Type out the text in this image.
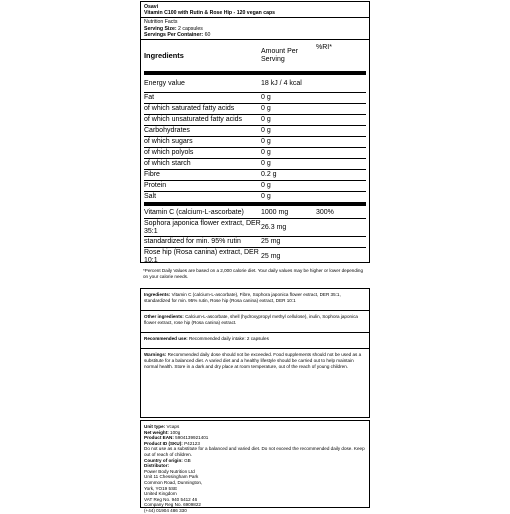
Osavi
Vitamin C100 with Rutin & Rose Hip - 120 vegan caps
Nutrition Facts
Serving Size: 2 capsules
Servings Per Container: 60
Ingredients	Amount Per Serving	%RI*
Energy value	18 kJ / 4 kcal	
Fat	0 g	
of which saturated fatty acids	0 g	
of which unsaturated fatty acids	0 g	
Carbohydrates	0 g	
of which sugars	0 g	
of which polyols	0 g	
of which starch	0 g	
Fibre	0.2 g	
Protein	0 g	
Salt	0 g	
Vitamin C (calcium-L-ascorbate)	1000 mg	300%
Sophora japonica flower extract, DER 35:1	26.3 mg	
standardized for min. 95% rutin	25 mg	
Rose hip (Rosa canina) extract, DER 10:1	25 mg	
*Percent Daily Values are based on a 2,000 calorie diet. Your daily values may be higher or lower depending on your calorie needs.
Ingredients: Vitamin C (calcium-L-ascorbate), Fibre, Sophora japonica flower extract, DER 35:1, standardized for min. 95% rutin, Rose hip (Rosa canina) extract, DER 10:1
Other ingredients: Calcium-L-ascorbate, shell (hydroxypropyl methyl cellulose), inulin, Sophora japonica flower extract, rose hip (Rosa canina) extract.
Recommended use: Recommended daily intake: 2 capsules
Warnings: Recommended daily dose should not be exceeded. Food supplements should not be used as a substitute for a balanced diet. A varied diet and a healthy lifestyle should be carried out to help maintain normal health. Store in a dark and dry place at room temperature, out of the reach of young children.
Unit type: Vcaps
Net weight: 100g
Product EAN: 5904139921401
Product ID (SKU): P42123
Do not use as a substitute for a balanced and varied diet. Do not exceed the recommended daily dose. Keep out of reach of children.
Country of origin: GB
Distributor:
Power Body Nutrition Ltd
Unit 11 Chessingham Park
Common Road, Dunnington,
York, YO19 5SE
United Kingdom
VAT Reg No. 940 5412 46
Company Reg No. 6909822
(+44) 01904 486 330
